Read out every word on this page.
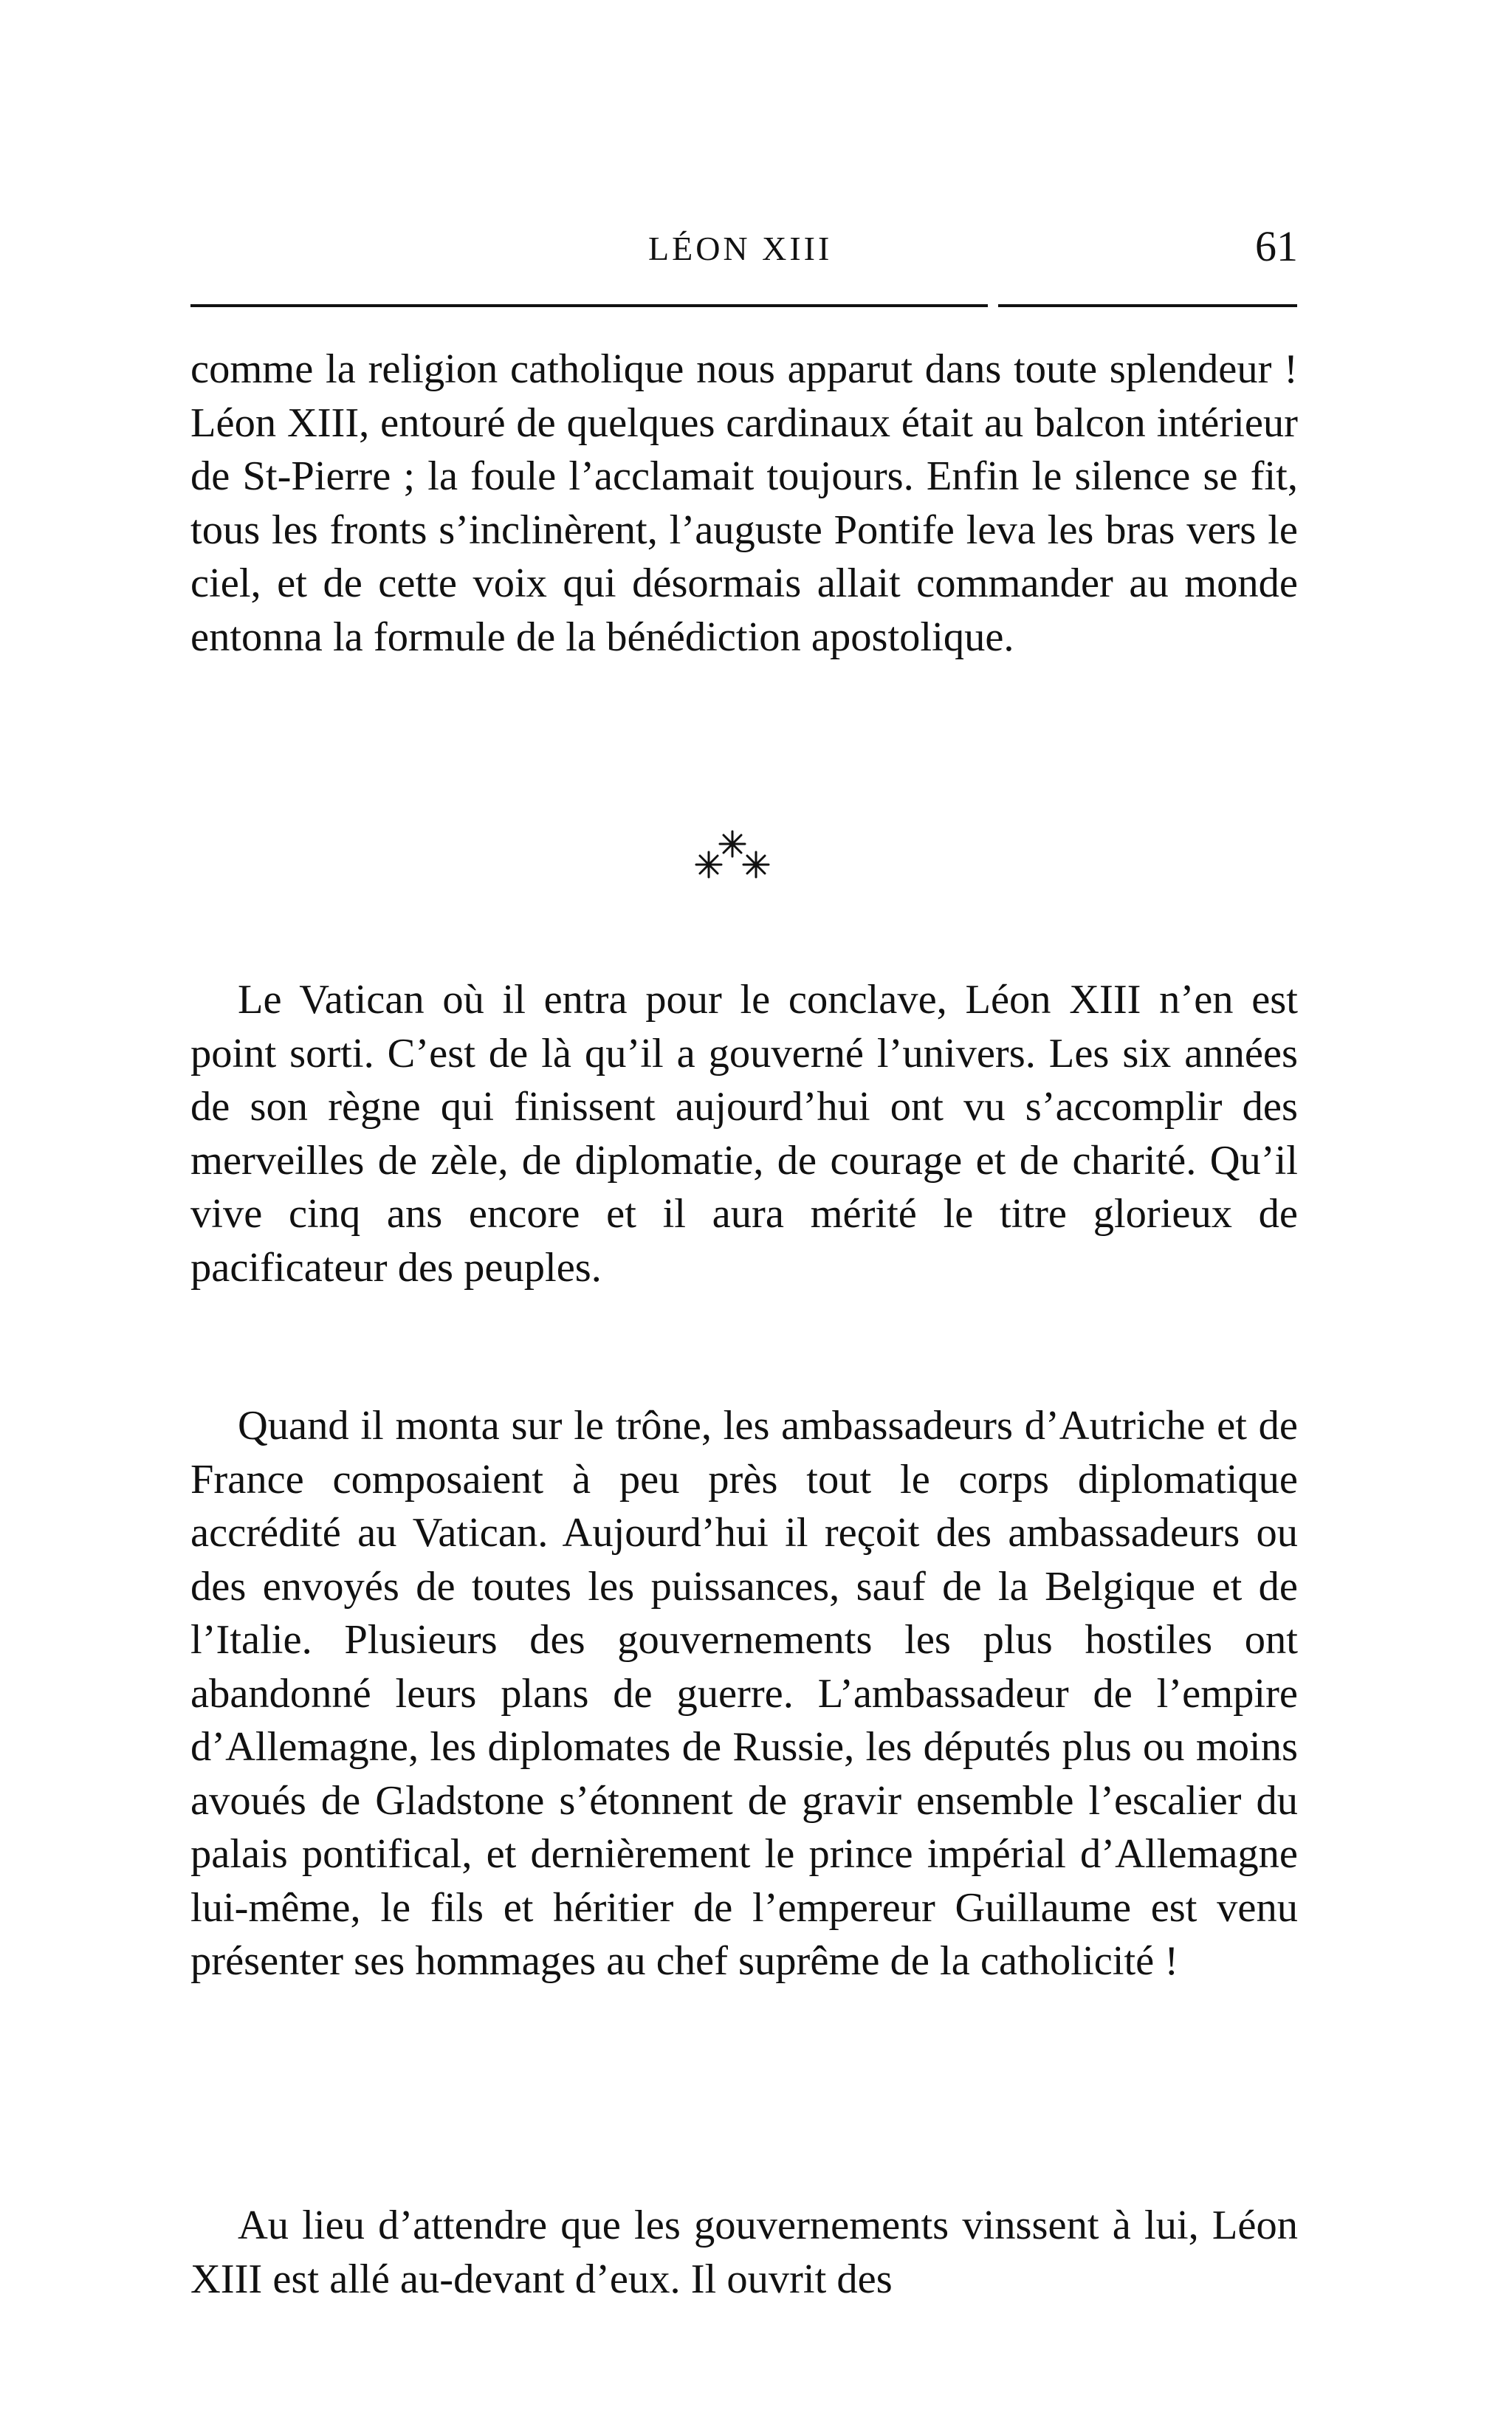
LÉON XIII	61

comme la religion catholique nous apparut dans toute splendeur ! Léon XIII, entouré de quelques cardinaux était au balcon intérieur de St-Pierre ; la foule l’acclamait toujours. Enfin le silence se fit, tous les fronts s’inclinèrent, l’auguste Pontife leva les bras vers le ciel, et de cette voix qui désormais allait commander au monde entonna la formule de la bénédiction apostolique.

Le Vatican où il entra pour le conclave, Léon XIII n’en est point sorti. C’est de là qu’il a gouverné l’univers. Les six années de son règne qui finissent aujourd’hui ont vu s’accomplir des merveilles de zèle, de diplomatie, de courage et de charité. Qu’il vive cinq ans encore et il aura mérité le titre glorieux de pacificateur des peuples.

Quand il monta sur le trône, les ambassadeurs d’Autriche et de France composaient à peu près tout le corps diplomatique accrédité au Vatican. Aujourd’hui il reçoit des ambassadeurs ou des envoyés de toutes les puissances, sauf de la Belgique et de l’Italie. Plusieurs des gouvernements les plus hostiles ont abandonné leurs plans de guerre. L’ambassadeur de l’empire d’Allemagne, les diplomates de Russie, les députés plus ou moins avoués de Gladstone s’étonnent de gravir ensemble l’escalier du palais pontifical, et dernièrement le prince impérial d’Allemagne lui-même, le fils et héritier de l’empereur Guillaume est venu présenter ses hommages au chef suprême de la catholicité !

Au lieu d’attendre que les gouvernements vinssent à lui, Léon XIII est allé au-devant d’eux. Il ouvrit des
